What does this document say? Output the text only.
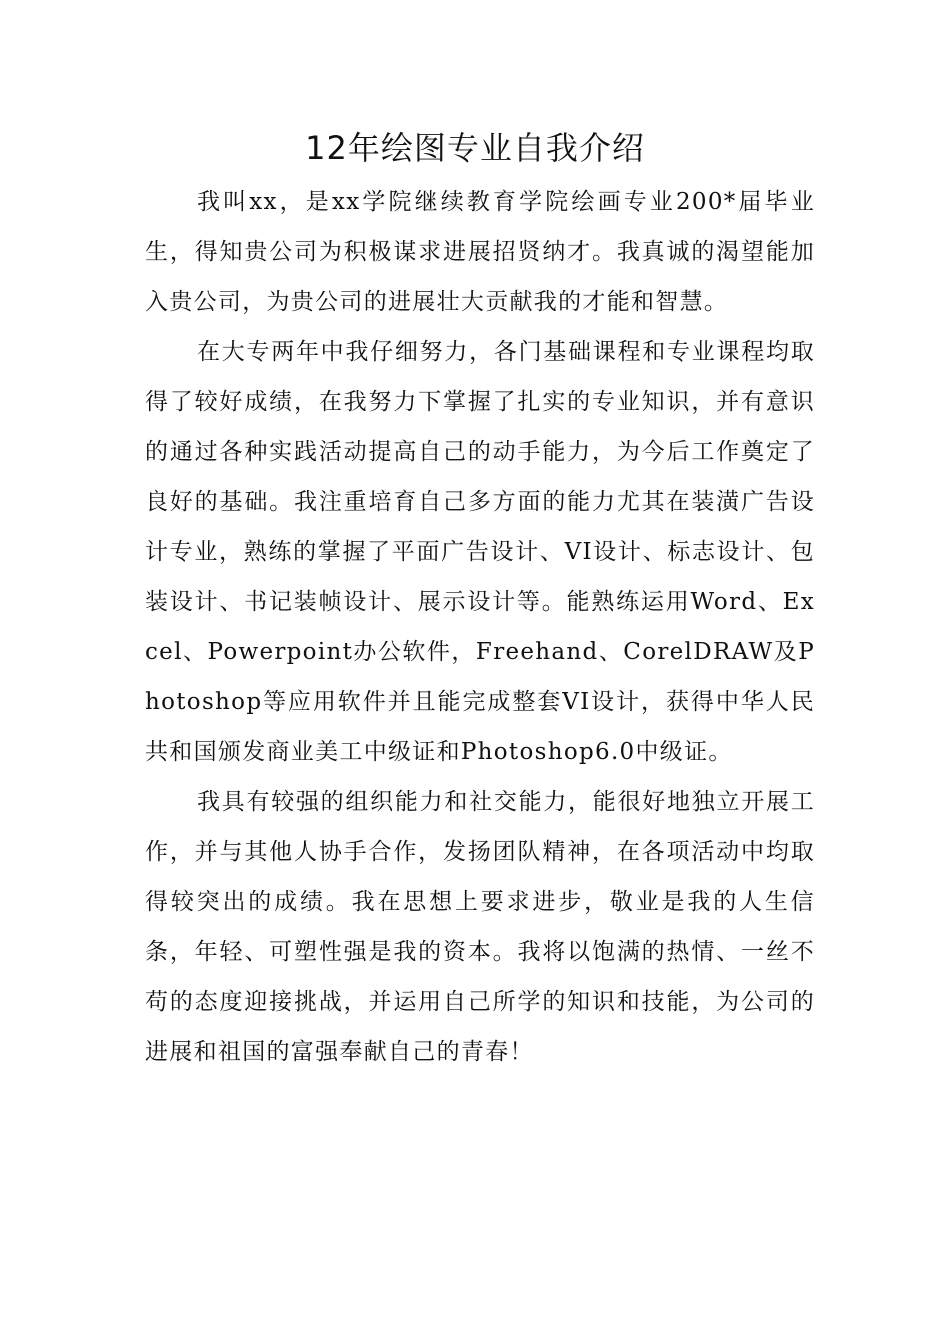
12年绘图专业自我介绍

我叫xx，是xx学院继续教育学院绘画专业200*届毕业生，得知贵公司为积极谋求进展招贤纳才。我真诚的渴望能加入贵公司，为贵公司的进展壮大贡献我的才能和智慧。

在大专两年中我仔细努力，各门基础课程和专业课程均取得了较好成绩，在我努力下掌握了扎实的专业知识，并有意识的通过各种实践活动提高自己的动手能力，为今后工作奠定了良好的基础。我注重培育自己多方面的能力尤其在装潢广告设计专业，熟练的掌握了平面广告设计、VI设计、标志设计、包装设计、书记装帧设计、展示设计等。能熟练运用Word、Excel、Powerpoint办公软件，Freehand、CorelDRAW及Photoshop等应用软件并且能完成整套VI设计，获得中华人民共和国颁发商业美工中级证和Photoshop6.0中级证。

我具有较强的组织能力和社交能力，能很好地独立开展工作，并与其他人协手合作，发扬团队精神，在各项活动中均取得较突出的成绩。我在思想上要求进步，敬业是我的人生信条，年轻、可塑性强是我的资本。我将以饱满的热情、一丝不苟的态度迎接挑战，并运用自己所学的知识和技能，为公司的进展和祖国的富强奉献自己的青春！
